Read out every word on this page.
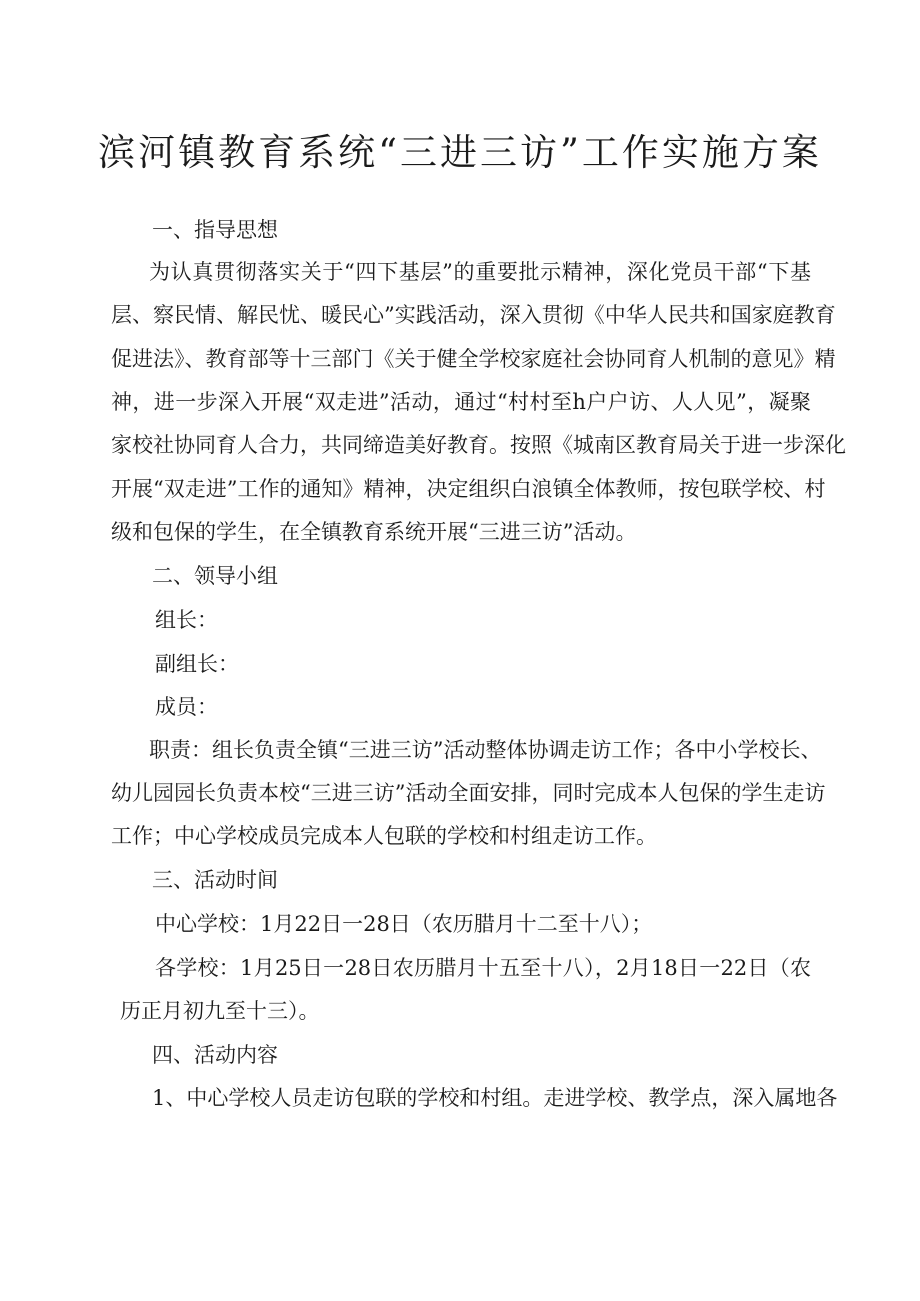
滨河镇教育系统“三进三访”工作实施方案
一、指导思想
为认真贯彻落实关于“四下基层”的重要批示精神，深化党员干部“下基
层、察民情、解民忧、暖民心”实践活动，深入贯彻《中华人民共和国家庭教育
促进法》、教育部等十三部门《关于健全学校家庭社会协同育人机制的意见》精
神，进一步深入开展“双走进”活动，通过“村村至h户户访、人人见”，凝聚
家校社协同育人合力，共同缔造美好教育。按照《城南区教育局关于进一步深化
开展“双走进”工作的通知》精神，决定组织白浪镇全体教师，按包联学校、村
级和包保的学生，在全镇教育系统开展“三进三访”活动。
二、领导小组
组长：
副组长：
成员：
职责：组长负责全镇“三进三访”活动整体协调走访工作；各中小学校长、
幼儿园园长负责本校“三进三访”活动全面安排，同时完成本人包保的学生走访
工作；中心学校成员完成本人包联的学校和村组走访工作。
三、活动时间
中心学校：1月22日一28日（农历腊月十二至十八）；
各学校：1月25日一28日农历腊月十五至十八），2月18日一22日（农
历正月初九至十三）。
四、活动内容
1、中心学校人员走访包联的学校和村组。走进学校、教学点，深入属地各
